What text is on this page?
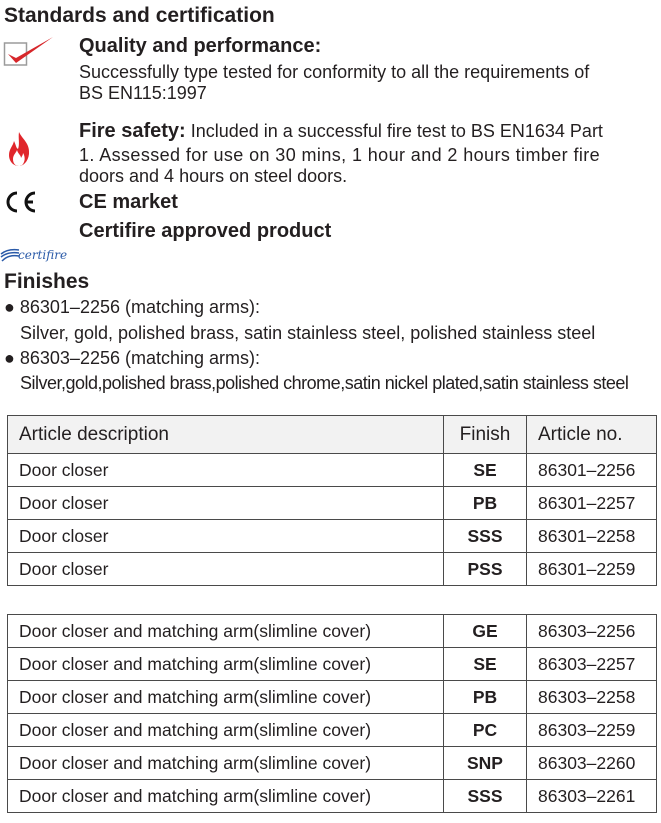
Standards and certification
Quality and performance:
Successfully type tested for conformity to all the requirements of
BS EN115:1997
Fire safety: Included in a successful fire test to BS EN1634 Part
1. Assessed for use on 30 mins, 1 hour and 2 hours timber fire
doors and 4 hours on steel doors.
CE market
Certifire approved product
certifire
Finishes
● 86301–2256 (matching arms):
Silver, gold, polished brass, satin stainless steel, polished stainless steel
● 86303–2256 (matching arms):
Silver,gold,polished brass,polished chrome,satin nickel plated,satin stainless steel
Article description	Finish	Article no.
Door closer	SE	86301–2256
Door closer	PB	86301–2257
Door closer	SSS	86301–2258
Door closer	PSS	86301–2259
Door closer and matching arm(slimline cover)	GE	86303–2256
Door closer and matching arm(slimline cover)	SE	86303–2257
Door closer and matching arm(slimline cover)	PB	86303–2258
Door closer and matching arm(slimline cover)	PC	86303–2259
Door closer and matching arm(slimline cover)	SNP	86303–2260
Door closer and matching arm(slimline cover)	SSS	86303–2261
